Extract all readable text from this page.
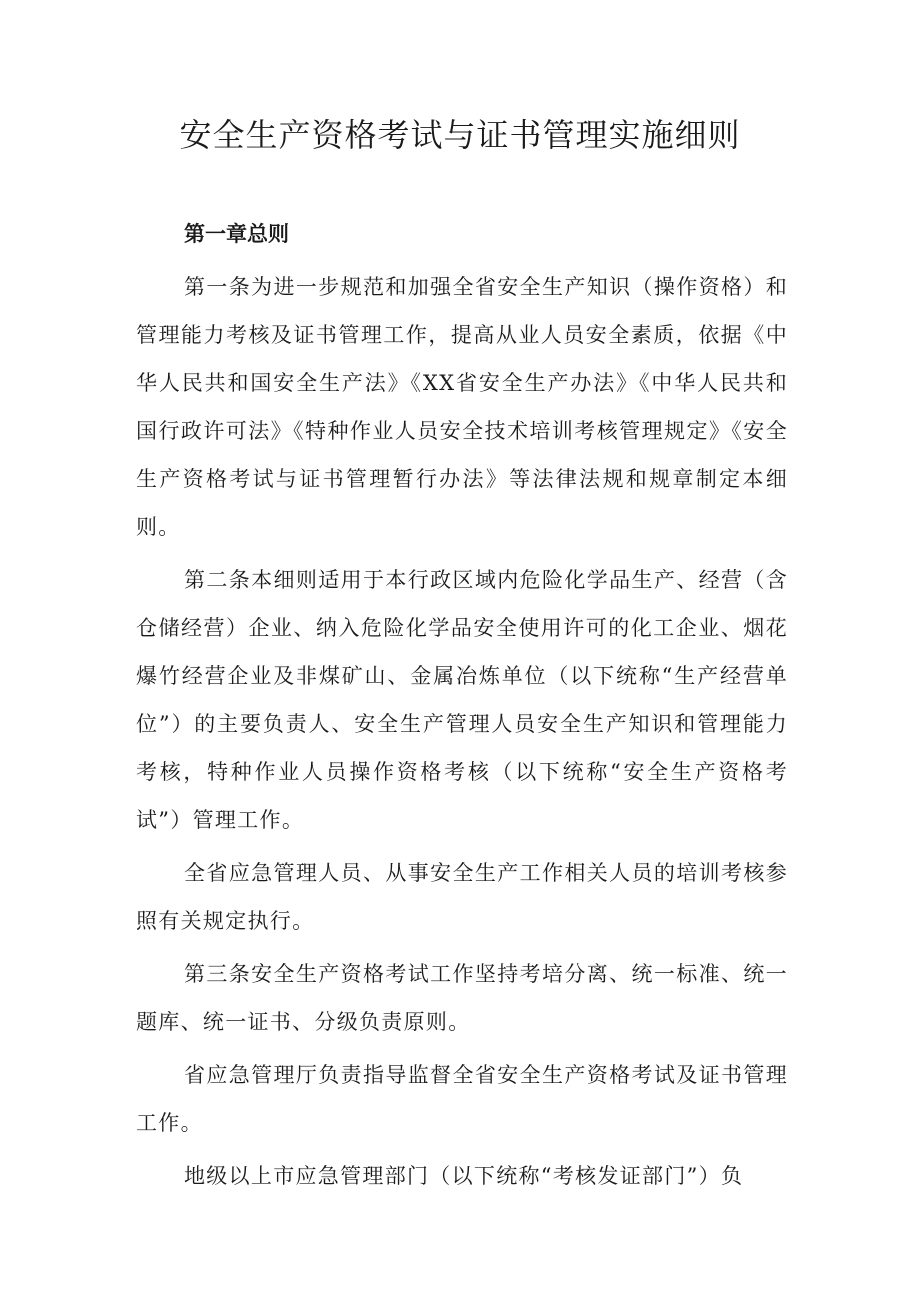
安全生产资格考试与证书管理实施细则

第一章总则

第一条为进一步规范和加强全省安全生产知识（操作资格）和管理能力考核及证书管理工作，提高从业人员安全素质，依据《中华人民共和国安全生产法》《XX省安全生产办法》《中华人民共和国行政许可法》《特种作业人员安全技术培训考核管理规定》《安全生产资格考试与证书管理暂行办法》等法律法规和规章制定本细则。

第二条本细则适用于本行政区域内危险化学品生产、经营（含仓储经营）企业、纳入危险化学品安全使用许可的化工企业、烟花爆竹经营企业及非煤矿山、金属冶炼单位（以下统称“生产经营单位”）的主要负责人、安全生产管理人员安全生产知识和管理能力考核，特种作业人员操作资格考核（以下统称“安全生产资格考试”）管理工作。

全省应急管理人员、从事安全生产工作相关人员的培训考核参照有关规定执行。

第三条安全生产资格考试工作坚持考培分离、统一标准、统一题库、统一证书、分级负责原则。

省应急管理厅负责指导监督全省安全生产资格考试及证书管理工作。

地级以上市应急管理部门（以下统称“考核发证部门”）负
